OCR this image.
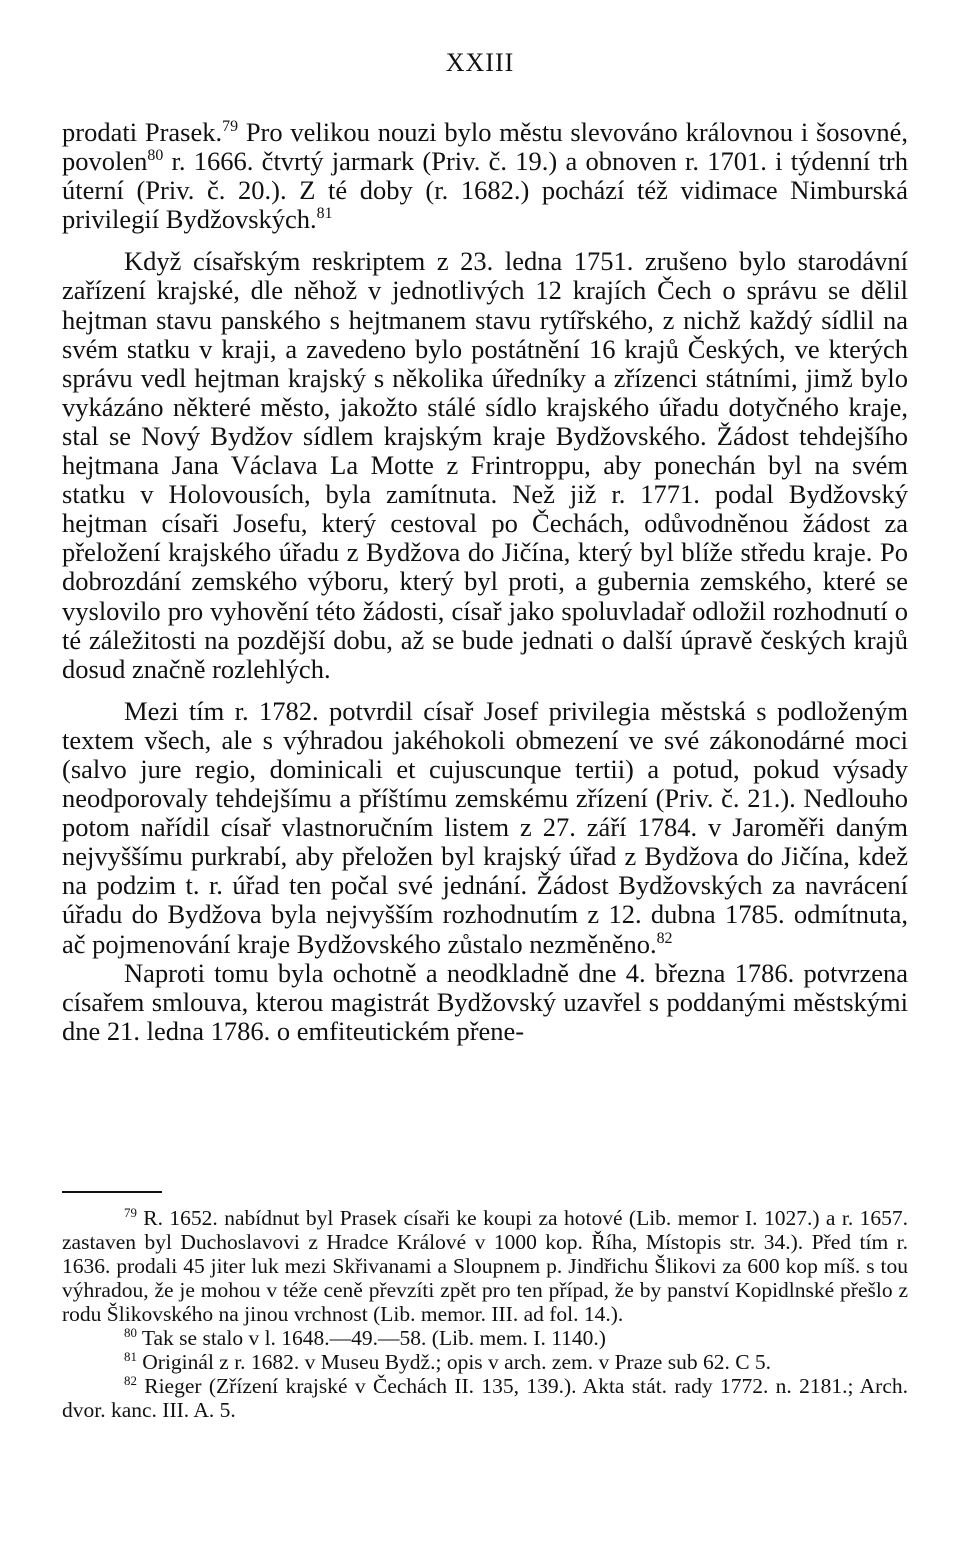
XXIII

prodati Prasek.$^{79}$ Pro velikou nouzi bylo městu slevováno královnou i šosovné, povolen$^{80}$ r. 1666. čtvrtý jarmark (Priv. č. 19.) a obnoven r. 1701. i týdenní trh úterní (Priv. č. 20.). Z té doby (r. 1682.) pochází též vidimace Nimburská privilegií Bydžovských.$^{81}$

Když císařským reskriptem z 23. ledna 1751. zrušeno bylo starodávní zařízení krajské, dle něhož v jednotlivých 12 krajích Čech o správu se dělil hejtman stavu panského s hejtmanem stavu rytířského, z nichž každý sídlil na svém statku v kraji, a zavedeno bylo postátnění 16 krajů Českých, ve kterých správu vedl hejtman krajský s několika úředníky a zřízenci státními, jimž bylo vykázáno některé město, jakožto stálé sídlo krajského úřadu dotyčného kraje, stal se Nový Bydžov sídlem krajským kraje Bydžovského. Žádost tehdejšího hejtmana Jana Václava La Motte z Frintroppu, aby ponеchán byl na svém statku v Holovousích, byla zamítnuta. Než již r. 1771. podal Bydžovský hejtman císaři Josefu, který cestoval po Čechách, odůvodněnou žádost za přeložení krajského úřadu z Bydžova do Jičína, který byl blíže středu kraje. Po dobrozdání zemského výboru, který byl proti, a gubernia zemského, které se vyslovilo pro vyhovění této žádosti, císař jako spoluvladař odložil rozhodnutí o té záležitosti na pozdější dobu, až se bude jednati o další úpravě českých krajů dosud značně rozlehlých.

Mezi tím r. 1782. potvrdil císař Josef privilegia městská s podloženým textem všech, ale s výhradou jakéhokoli obmezení ve své zákonodárné moci (salvo jure regio, dominicali et cujuscunque tertii) a potud, pokud výsady neodporovaly tehdejšímu a příštímu zemskému zřízení (Priv. č. 21.). Nedlouho potom nařídil císař vlastnoručním listem z 27. září 1784. v Jaroměři daným nejvyššímu purkrabí, aby přeložen byl krajský úřad z Bydžova do Jičína, kdež na podzim t. r. úřad ten počal své jednání. Žádost Bydžovských za navrácení úřadu do Bydžova byla nejvyšším rozhodnutím z 12. dubna 1785. odmítnuta, ač pojmenování kraje Bydžovského zůstalo nezměněno.$^{82}$

Naproti tomu byla ochotně a neodkladně dne 4. března 1786. potvrzena císařem smlouva, kterou magistrát Bydžovský uzavřel s poddanými městskými dne 21. ledna 1786. o emfiteutickém přene-

$^{79}$ R. 1652. nabídnut byl Prasek císaři ke koupi za hotové (Lib. memor I. 1027.) a r. 1657. zastaven byl Duchoslavovi z Hradce Králové v 1000 kop. Říha, Místopis str. 34.). Před tím r. 1636. prodali 45 jiter luk mezi Skřivanami a Sloupnem p. Jindřichu Šlikovi za 600 kop míš. s tou výhradou, že je mohou v téže ceně převzíti zpět pro ten případ, že by panství Kopidlnské přešlo z rodu Šlikovského na jinou vrchnost (Lib. memor. III. ad fol. 14.).

$^{80}$ Tak se stalo v l. 1648.—49.—58. (Lib. mem. I. 1140.)

$^{81}$ Originál z r. 1682. v Museu Bydž.; opis v arch. zem. v Praze sub 62. C 5.

$^{82}$ Rieger (Zřízení krajské v Čechách II. 135, 139.). Akta stát. rady 1772. n. 2181.; Arch. dvor. kanc. III. A. 5.
